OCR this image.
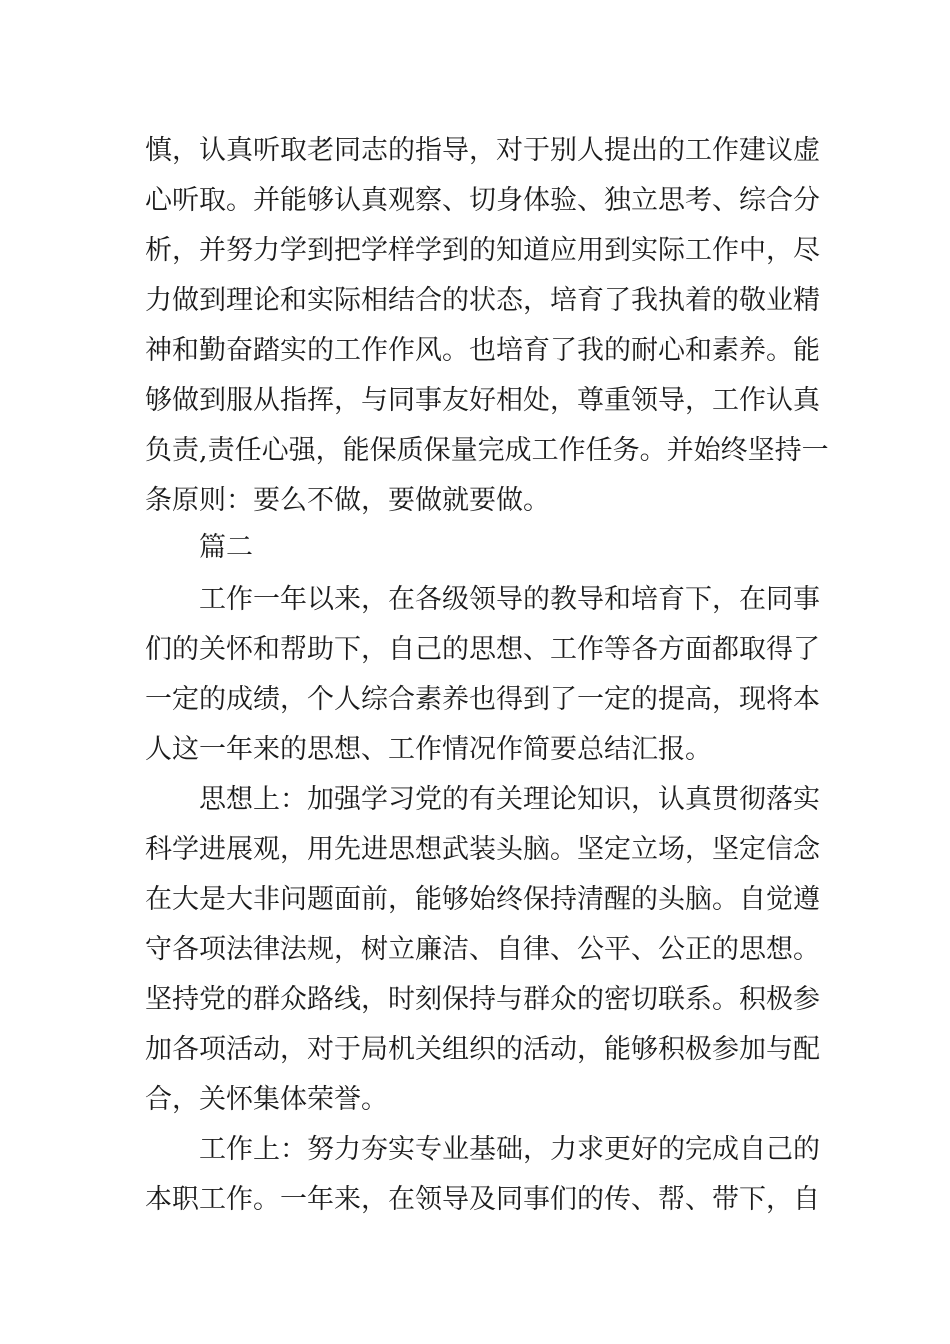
慎，认真听取老同志的指导，对于别人提出的工作建议虚
心听取。并能够认真观察、切身体验、独立思考、综合分
析，并努力学到把学样学到的知道应用到实际工作中，尽
力做到理论和实际相结合的状态，培育了我执着的敬业精
神和勤奋踏实的工作作风。也培育了我的耐心和素养。能
够做到服从指挥，与同事友好相处，尊重领导，工作认真
负责,责任心强，能保质保量完成工作任务。并始终坚持一
条原则：要么不做，要做就要做。
篇二
工作一年以来，在各级领导的教导和培育下，在同事
们的关怀和帮助下，自己的思想、工作等各方面都取得了
一定的成绩，个人综合素养也得到了一定的提高，现将本
人这一年来的思想、工作情况作简要总结汇报。
思想上：加强学习党的有关理论知识，认真贯彻落实
科学进展观，用先进思想武装头脑。坚定立场，坚定信念
在大是大非问题面前，能够始终保持清醒的头脑。自觉遵
守各项法律法规，树立廉洁、自律、公平、公正的思想。
坚持党的群众路线，时刻保持与群众的密切联系。积极参
加各项活动，对于局机关组织的活动，能够积极参加与配
合，关怀集体荣誉。
工作上：努力夯实专业基础，力求更好的完成自己的
本职工作。一年来，在领导及同事们的传、帮、带下，自
